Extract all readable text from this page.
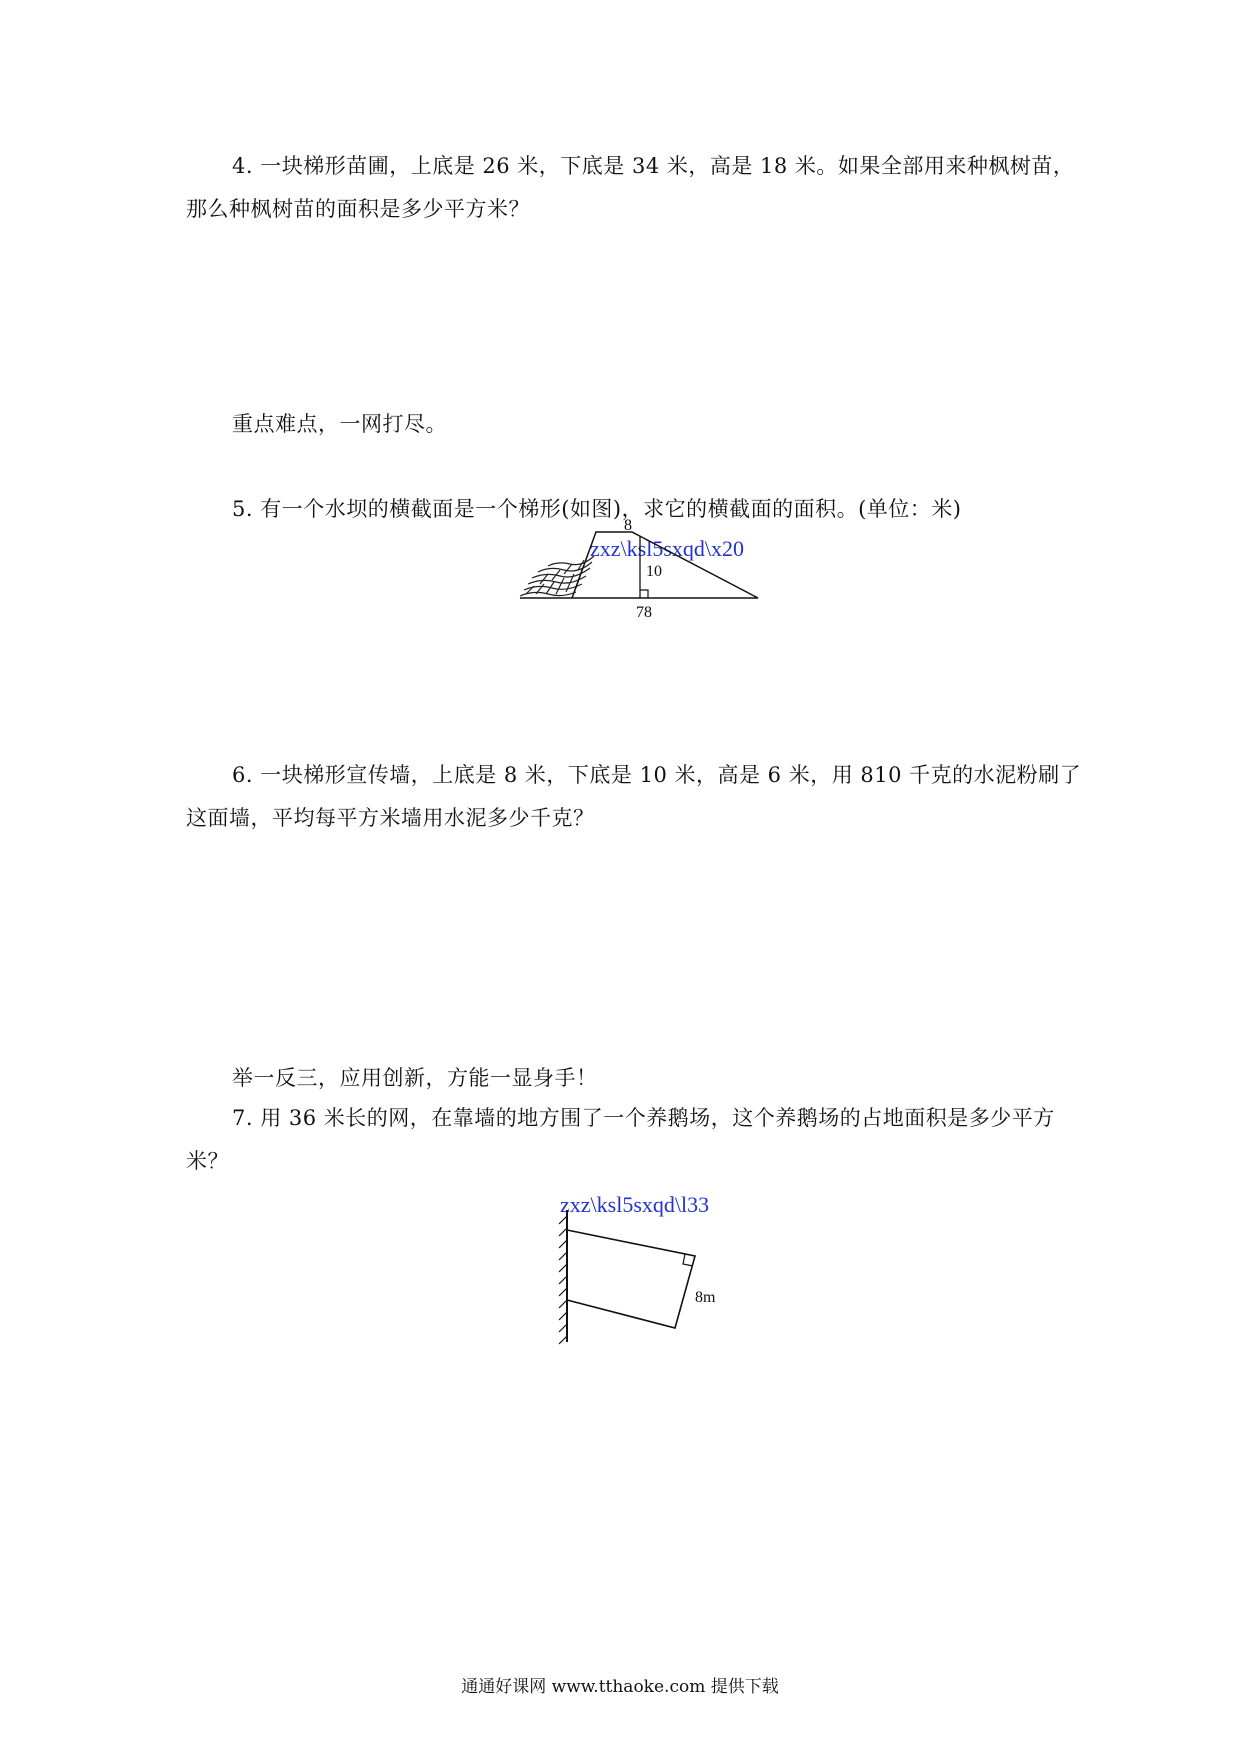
4. 一块梯形苗圃，上底是 26 米，下底是 34 米，高是 18 米。如果全部用来种枫树苗，
那么种枫树苗的面积是多少平方米？
重点难点，一网打尽。
5. 有一个水坝的横截面是一个梯形(如图)，求它的横截面的面积。(单位：米)
zxz\ksl5sxqd\x20
8
10
78
6. 一块梯形宣传墙，上底是 8 米，下底是 10 米，高是 6 米，用 810 千克的水泥粉刷了
这面墙，平均每平方米墙用水泥多少千克？
举一反三，应用创新，方能一显身手！
7. 用 36 米长的网，在靠墙的地方围了一个养鹅场，这个养鹅场的占地面积是多少平方
米？
zxz\ksl5sxqd\l33
8m
通通好课网 www.tthaoke.com 提供下载
